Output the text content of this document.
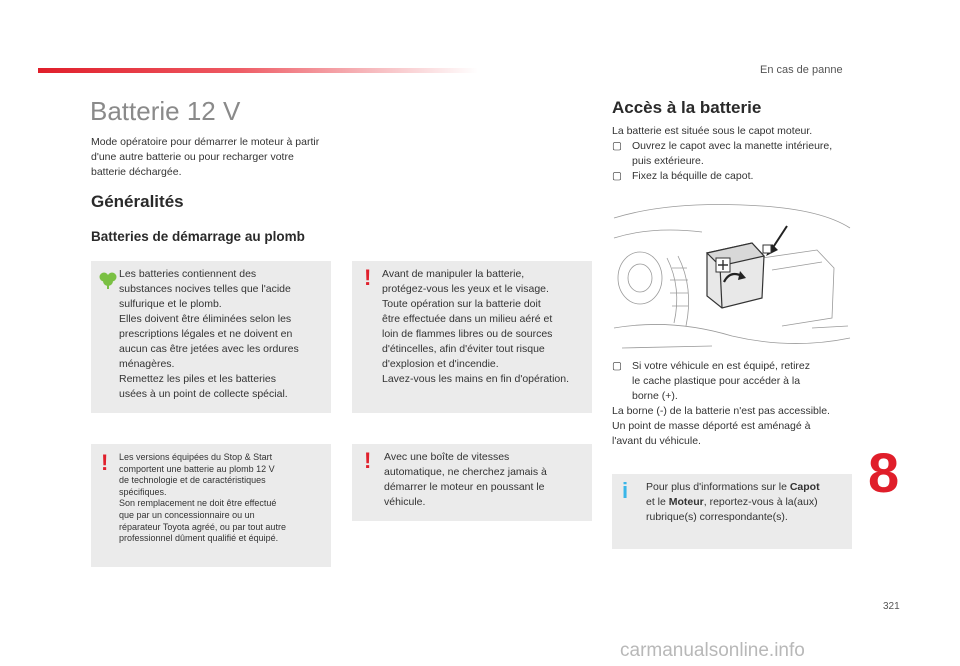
En cas de panne
Batterie 12 V
Mode opératoire pour démarrer le moteur à partir d'une autre batterie ou pour recharger votre batterie déchargée.
Généralités
Batteries de démarrage au plomb
Les batteries contiennent des
substances nocives telles que l'acide
sulfurique et le plomb.
Elles doivent être éliminées selon les
prescriptions légales et ne doivent en
aucun cas être jetées avec les ordures
ménagères.
Remettez les piles et les batteries
usées à un point de collecte spécial.
! Avant de manipuler la batterie,
protégez-vous les yeux et le visage.
Toute opération sur la batterie doit
être effectuée dans un milieu aéré et
loin de flammes libres ou de sources
d'étincelles, afin d'éviter tout risque
d'explosion et d'incendie.
Lavez-vous les mains en fin d'opération.
! Les versions équipées du Stop & Start
comportent une batterie au plomb 12 V
de technologie et de caractéristiques
spécifiques.
Son remplacement ne doit être effectué
que par un concessionnaire ou un
réparateur Toyota agréé, ou par tout autre
professionnel dûment qualifié et équipé.
! Avec une boîte de vitesses
automatique, ne cherchez jamais à
démarrer le moteur en poussant le
véhicule.
Accès à la batterie
La batterie est située sous le capot moteur.
▢ Ouvrez le capot avec la manette intérieure,
puis extérieure.
▢ Fixez la béquille de capot.
▢ Si votre véhicule en est équipé, retirez
le cache plastique pour accéder à la
borne (+).
La borne (-) de la batterie n'est pas accessible.
Un point de masse déporté est aménagé à
l'avant du véhicule.
i Pour plus d'informations sur le Capot
et le Moteur, reportez-vous à la(aux)
rubrique(s) correspondante(s).
8
321
carmanualsonline.info
